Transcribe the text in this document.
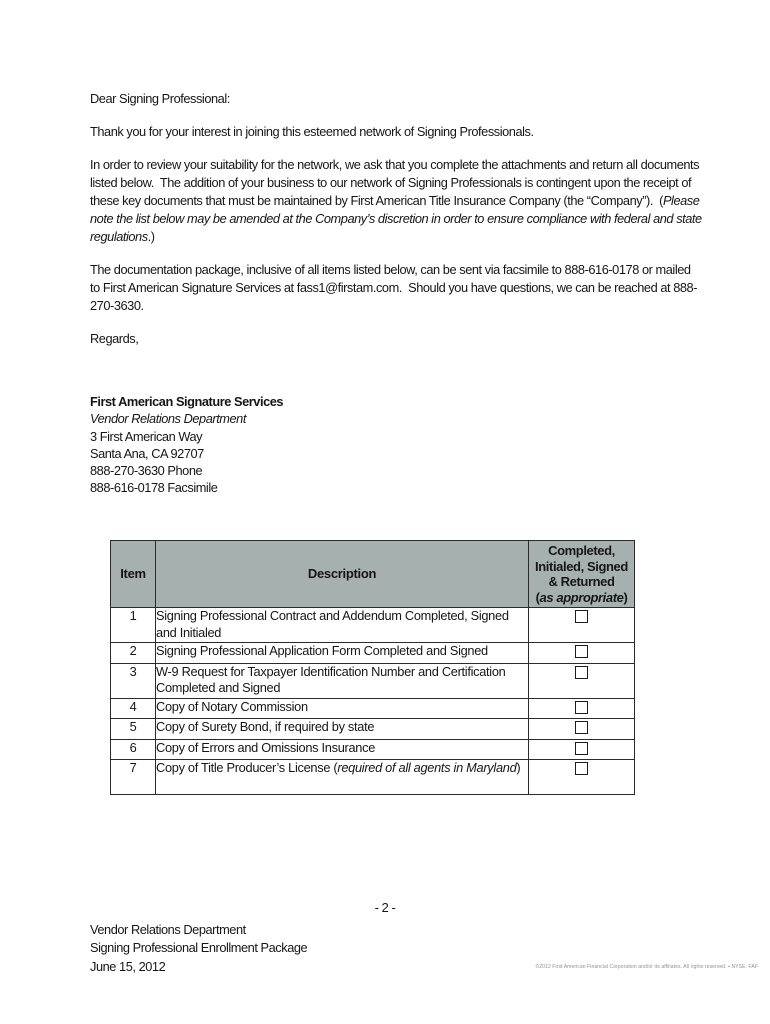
Dear Signing Professional:

Thank you for your interest in joining this esteemed network of Signing Professionals.

In order to review your suitability for the network, we ask that you complete the attachments and return all documents listed below.  The addition of your business to our network of Signing Professionals is contingent upon the receipt of these key documents that must be maintained by First American Title Insurance Company (the “Company”).  (Please note the list below may be amended at the Company’s discretion in order to ensure compliance with federal and state regulations.)

The documentation package, inclusive of all items listed below, can be sent via facsimile to 888-616-0178 or mailed to First American Signature Services at fass1@firstam.com.  Should you have questions, we can be reached at 888-270-3630.

Regards,

First American Signature Services
Vendor Relations Department
3 First American Way
Santa Ana, CA 92707
888-270-3630 Phone
888-616-0178 Facsimile
Item	Description	Completed,
Initialed, Signed
& Returned
(as appropriate)

1	Signing Professional Contract and Addendum Completed, Signed and Initialed	
2	Signing Professional Application Form Completed and Signed	
3	W-9 Request for Taxpayer Identification Number and Certification Completed and Signed	
4	Copy of Notary Commission	
5	Copy of Surety Bond, if required by state	
6	Copy of Errors and Omissions Insurance	
7	Copy of Title Producer’s License (required of all agents in Maryland)	
- 2 -
Vendor Relations Department
Signing Professional Enrollment Package
June 15, 2012	©2012 First American Financial Corporation and/or its affiliates. All rights reserved. ▪ NYSE: FAF
